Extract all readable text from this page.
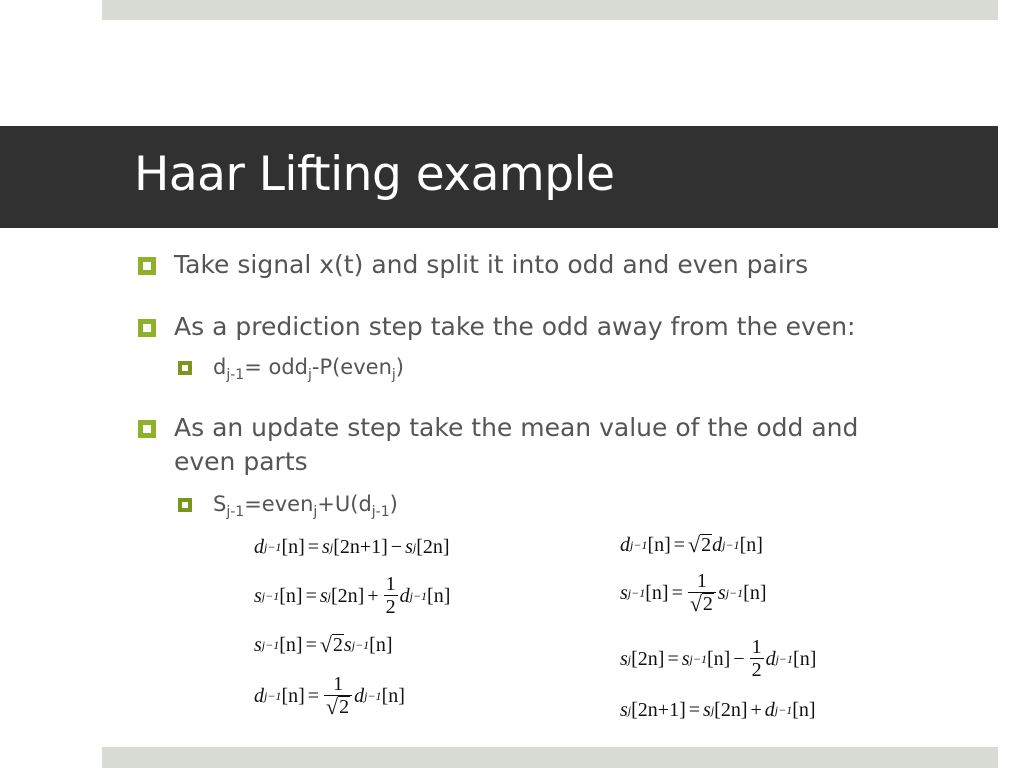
Haar Lifting example
Take signal x(t) and split it into odd and even pairs
As a prediction step take the odd away from the even:
$d_{j-1}=$ odd$_j$-P(even$_j$)
As an update step take the mean value of the odd and
even parts
$S_{j-1}=even_j+U(d_{j-1})$
d j−1 [n] = s j [2n+1] − s j [2n]
s j−1 [n] = s j $[2n] + \frac{1}{2}$ d j−1 [n]
s j−1 [n] = √ 2 s j−1 [n]
d j−1 $[n] = \frac{1}{√ 2}$ d j−1 [n]
d j−1 [n] = √ 2 d j−1 [n]
s j−1 $[n] = \frac{1}{√ 2}$ s j−1 [n]
s j [2n] = s j−1 $[n] - \frac{1}{2}$ d j−1 [n]
s j [2n+1] = s j [2n] + d j−1 [n]
